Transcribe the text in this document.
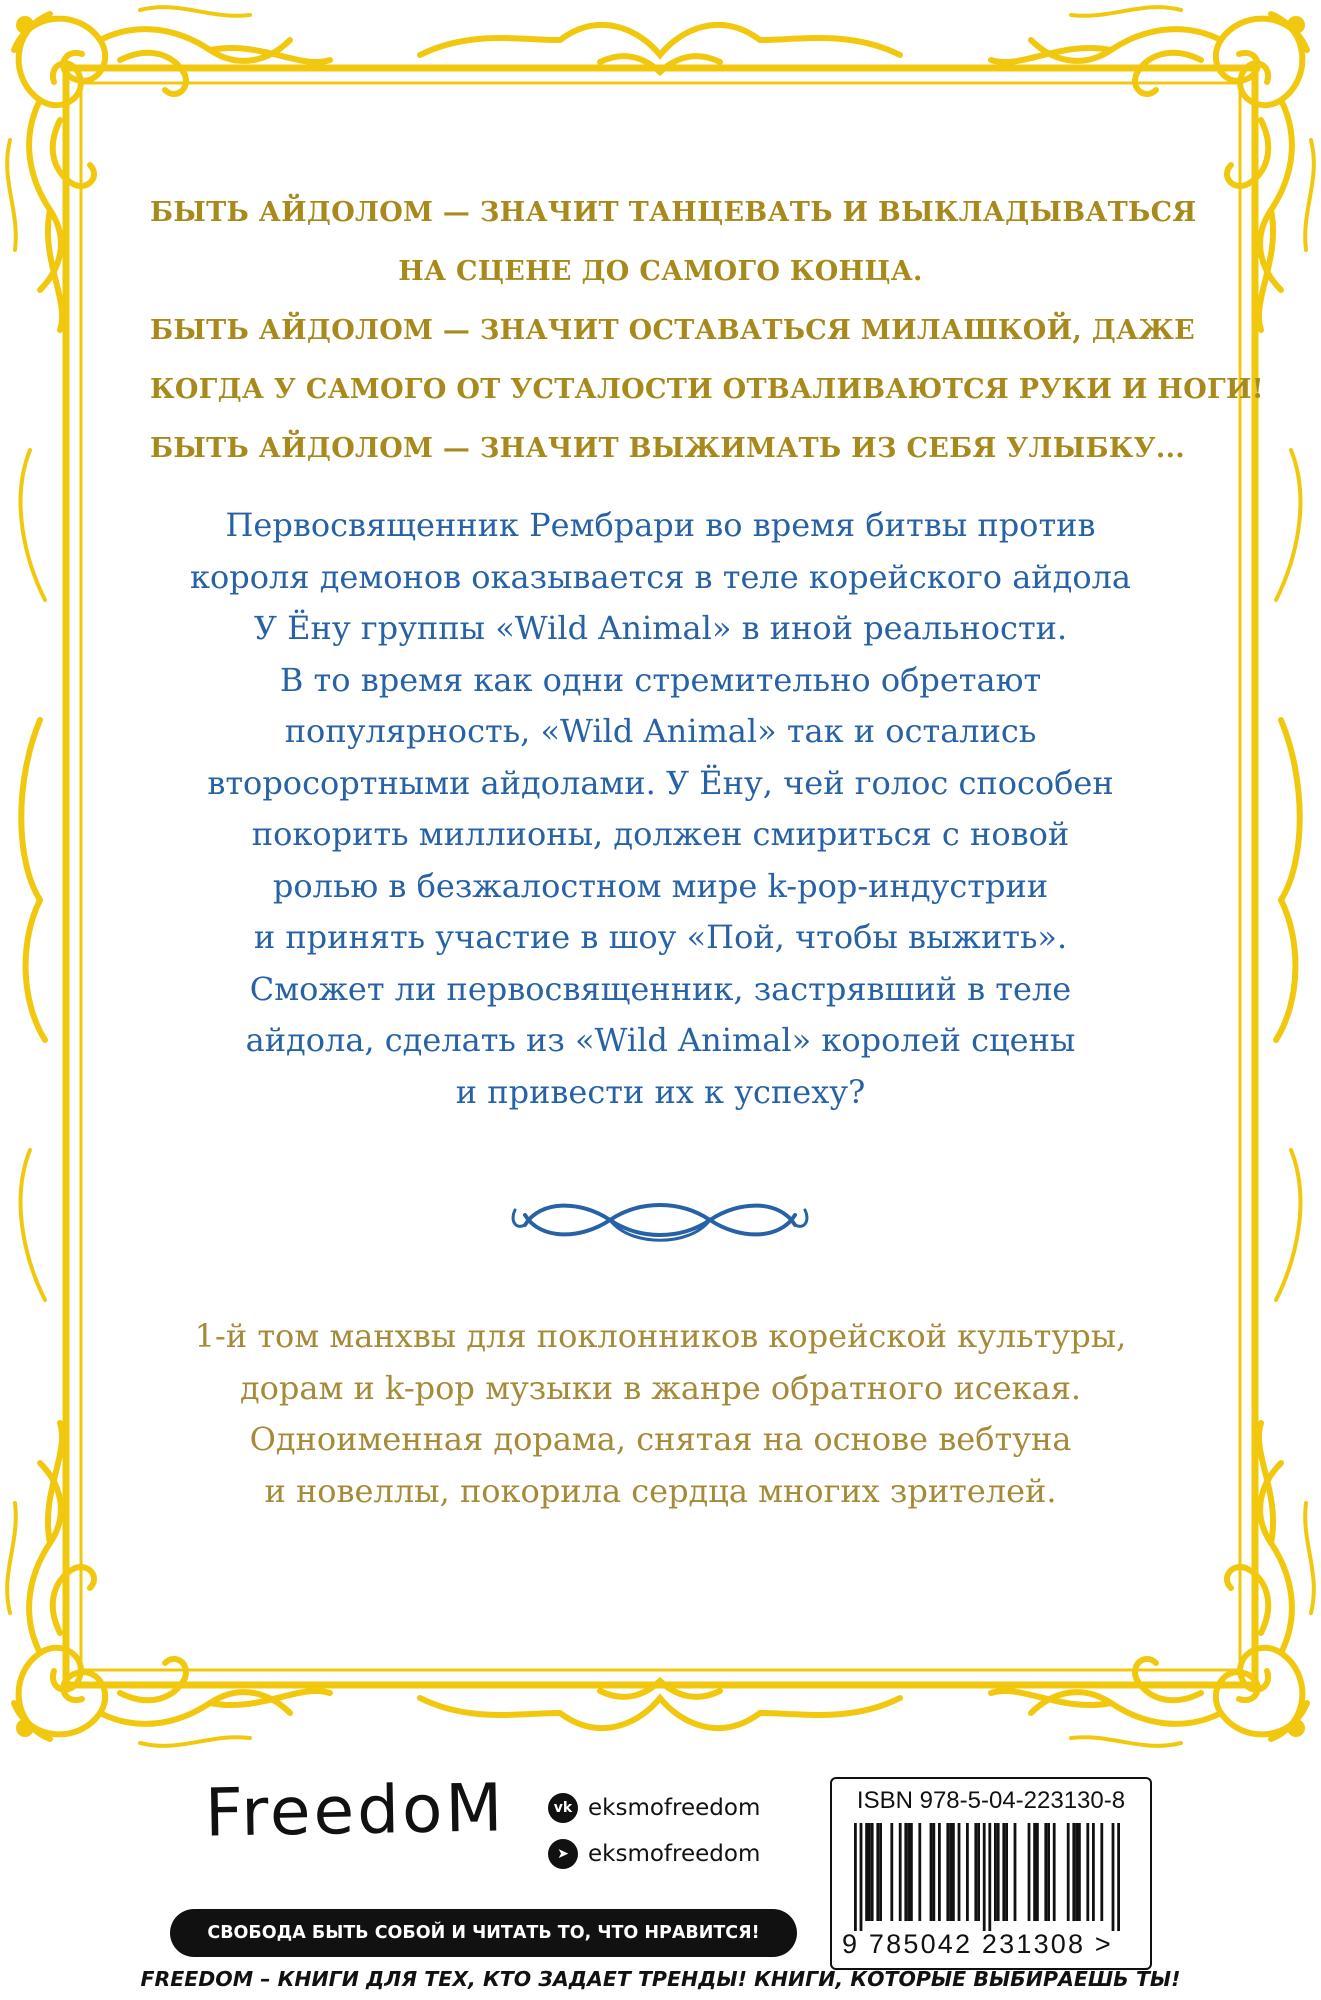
БЫТЬ АЙДОЛОМ — ЗНАЧИТ ТАНЦЕВАТЬ И ВЫКЛАДЫВАТЬСЯ
НА СЦЕНЕ ДО САМОГО КОНЦА.
БЫТЬ АЙДОЛОМ — ЗНАЧИТ ОСТАВАТЬСЯ МИЛАШКОЙ, ДАЖЕ
КОГДА У САМОГО ОТ УСТАЛОСТИ ОТВАЛИВАЮТСЯ РУКИ И НОГИ!
БЫТЬ АЙДОЛОМ — ЗНАЧИТ ВЫЖИМАТЬ ИЗ СЕБЯ УЛЫБКУ...
Первосвященник Рембрари во время битвы против
короля демонов оказывается в теле корейского айдола
У Ёну группы «Wild Animal» в иной реальности.
В то время как одни стремительно обретают
популярность, «Wild Animal» так и остались
второсортными айдолами. У Ёну, чей голос способен
покорить миллионы, должен смириться с новой
ролью в безжалостном мире k-pop-индустрии
и принять участие в шоу «Пой, чтобы выжить».
Сможет ли первосвященник, застрявший в теле
айдола, сделать из «Wild Animal» королей сцены
и привести их к успеху?
1-й том манхвы для поклонников корейской культуры,
дорам и k-pop музыки в жанре обратного исекая.
Одноименная дорама, снятая на основе вебтуна
и новеллы, покорила сердца многих зрителей.
FreedoM	vk eksmofreedom
➤ eksmofreedom
СВОБОДА БЫТЬ СОБОЙ И ЧИТАТЬ ТО, ЧТО НРАВИТСЯ!
ISBN 978-5-04-223130-8
9 785042 231308 >
FREEDOM – КНИГИ ДЛЯ ТЕХ, КТО ЗАДАЕТ ТРЕНДЫ! КНИГИ, КОТОРЫЕ ВЫБИРАЕШЬ ТЫ!
